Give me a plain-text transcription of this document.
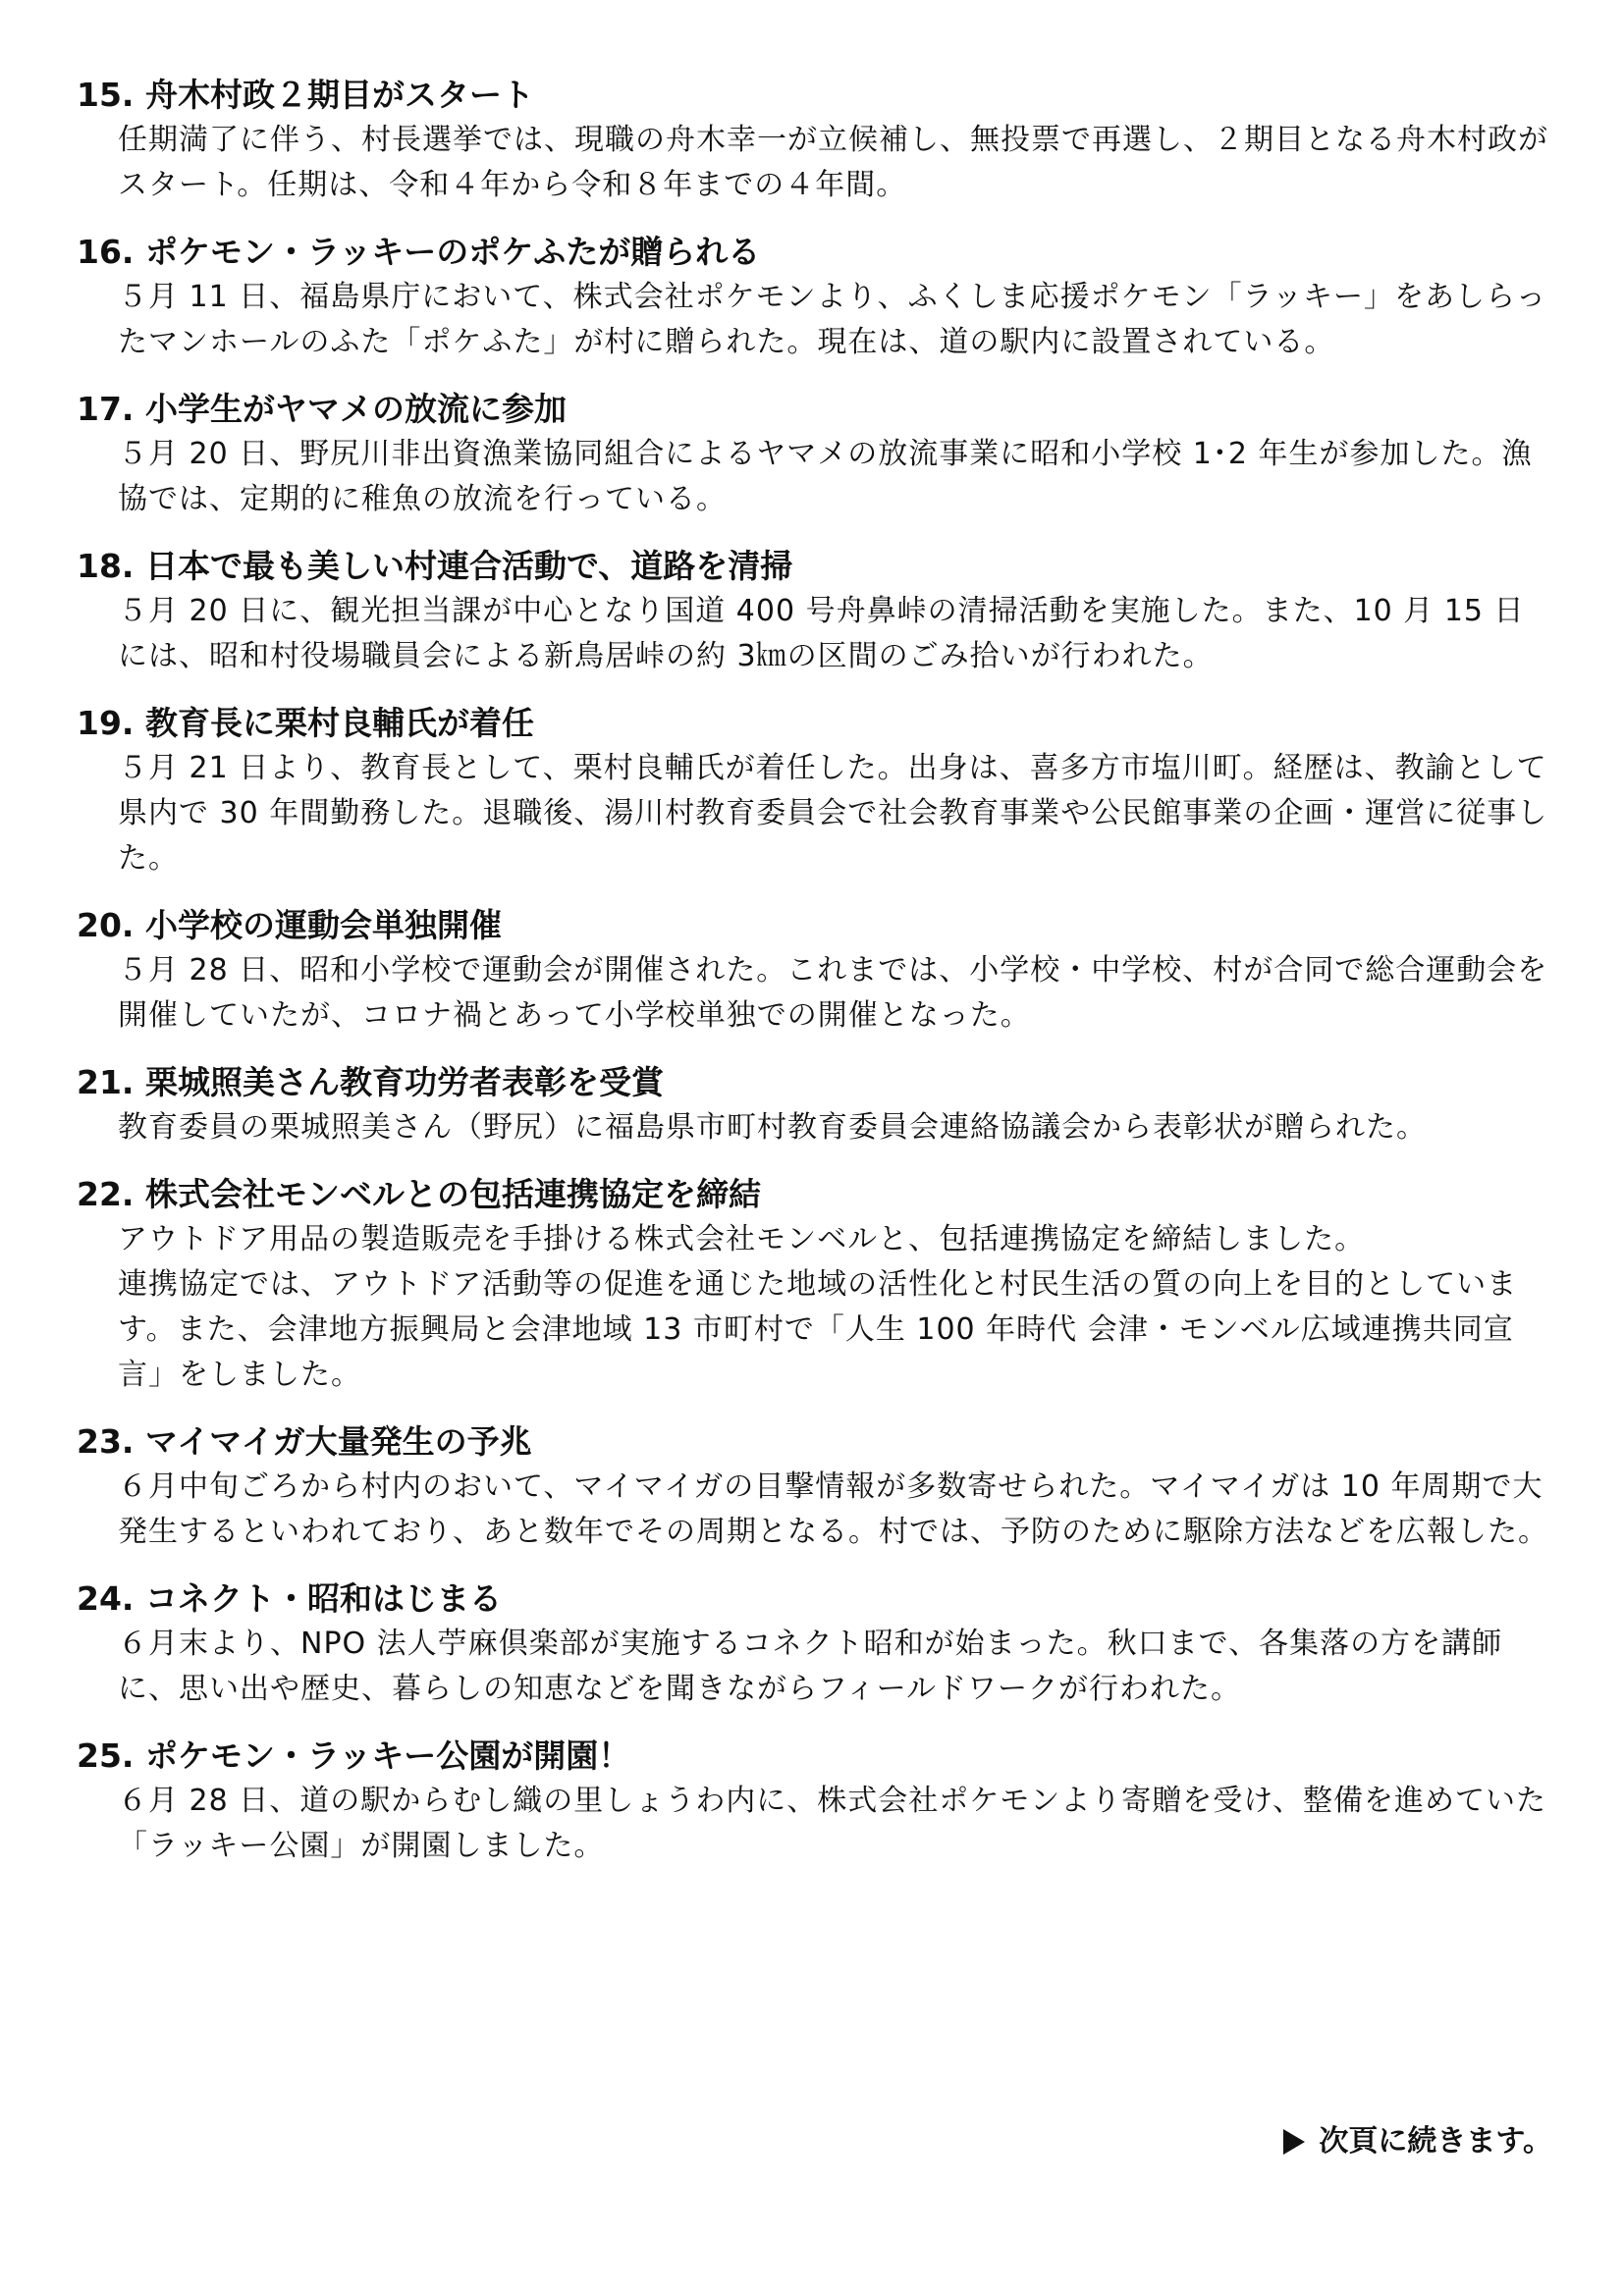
15. 舟木村政２期目がスタート

任期満了に伴う、村長選挙では、現職の舟木幸一が立候補し、無投票で再選し、２期目となる舟木村政がスタート。任期は、令和４年から令和８年までの４年間。

16. ポケモン・ラッキーのポケふたが贈られる

５月 11 日、福島県庁において、株式会社ポケモンより、ふくしま応援ポケモン「ラッキー」をあしらったマンホールのふた「ポケふた」が村に贈られた。現在は、道の駅内に設置されている。

17. 小学生がヤマメの放流に参加

５月 20 日、野尻川非出資漁業協同組合によるヤマメの放流事業に昭和小学校 1･2 年生が参加した。漁協では、定期的に稚魚の放流を行っている。

18. 日本で最も美しい村連合活動で、道路を清掃

５月 20 日に、観光担当課が中心となり国道 400 号舟鼻峠の清掃活動を実施した。また、10 月 15 日には、昭和村役場職員会による新鳥居峠の約 3㎞の区間のごみ拾いが行われた。

19. 教育長に栗村良輔氏が着任

５月 21 日より、教育長として、栗村良輔氏が着任した。出身は、喜多方市塩川町。経歴は、教諭として県内で 30 年間勤務した。退職後、湯川村教育委員会で社会教育事業や公民館事業の企画・運営に従事した。

20. 小学校の運動会単独開催

５月 28 日、昭和小学校で運動会が開催された。これまでは、小学校・中学校、村が合同で総合運動会を開催していたが、コロナ禍とあって小学校単独での開催となった。

21. 栗城照美さん教育功労者表彰を受賞

教育委員の栗城照美さん（野尻）に福島県市町村教育委員会連絡協議会から表彰状が贈られた。

22. 株式会社モンベルとの包括連携協定を締結

アウトドア用品の製造販売を手掛ける株式会社モンベルと、包括連携協定を締結しました。

連携協定では、アウトドア活動等の促進を通じた地域の活性化と村民生活の質の向上を目的としています。また、会津地方振興局と会津地域 13 市町村で「人生 100 年時代 会津・モンベル広域連携共同宣言」をしました。

23. マイマイガ大量発生の予兆

６月中旬ごろから村内のおいて、マイマイガの目撃情報が多数寄せられた。マイマイガは 10 年周期で大発生するといわれており、あと数年でその周期となる。村では、予防のために駆除方法などを広報した。

24. コネクト・昭和はじまる

６月末より、NPO 法人苧麻倶楽部が実施するコネクト昭和が始まった。秋口まで、各集落の方を講師に、思い出や歴史、暮らしの知恵などを聞きながらフィールドワークが行われた。

25. ポケモン・ラッキー公園が開園！

６月 28 日、道の駅からむし織の里しょうわ内に、株式会社ポケモンより寄贈を受け、整備を進めていた「ラッキー公園」が開園しました。

次頁に続きます。
